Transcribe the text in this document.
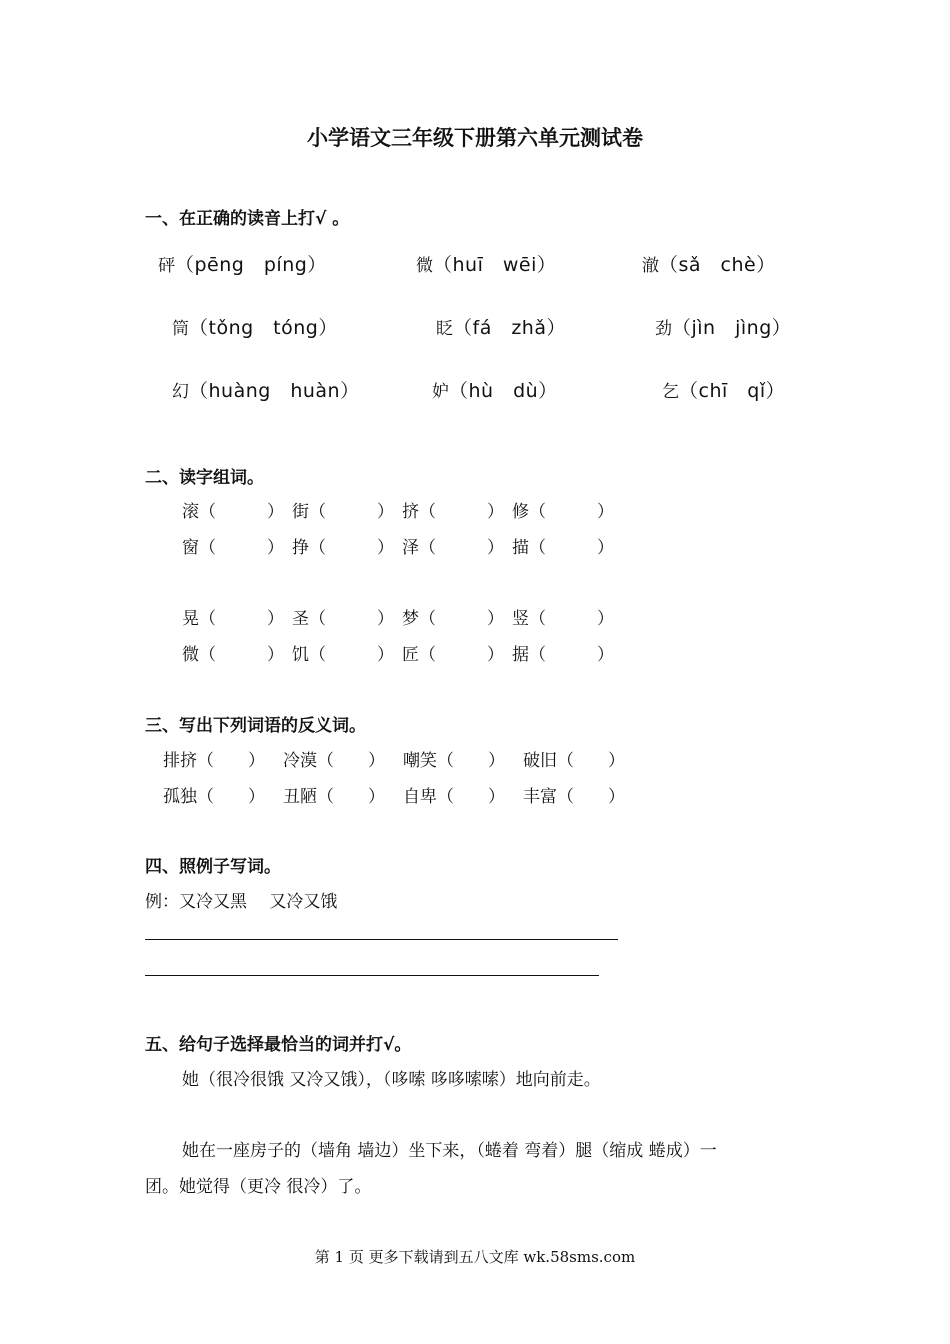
小学语文三年级下册第六单元测试卷
一、在正确的读音上打√ 。
砰（pēng　píng）	微（huī　wēi）	澈（sǎ　chè）
筒（tǒng　tóng）	眨（fá　zhǎ）	劲（jìn　jìng）
幻（huàng　huàn）	妒（hù　dù）	乞（chī　qǐ）
二、读字组词。
滚（　　　） 街（　　　） 挤（　　　） 修（　　　）
窗（　　　） 挣（　　　） 泽（　　　） 描（　　　）
晃（　　　） 圣（　　　） 梦（　　　） 竖（　　　）
微（　　　） 饥（　　　） 匠（　　　） 据（　　　）
三、写出下列词语的反义词。
排挤（　　） 冷漠（　　） 嘲笑（　　） 破旧（　　）
孤独（　　） 丑陋（　　） 自卑（　　） 丰富（　　）
四、照例子写词。
例：又冷又黑　 又冷又饿
五、给句子选择最恰当的词并打√。
她（很冷很饿 又冷又饿），（哆嗦 哆哆嗦嗦）地向前走。
她在一座房子的（墙角 墙边）坐下来，（蜷着 弯着）腿（缩成 蜷成）一
团。她觉得（更冷 很冷）了。
第 1 页 更多下载请到五八文库 wk.58sms.com
